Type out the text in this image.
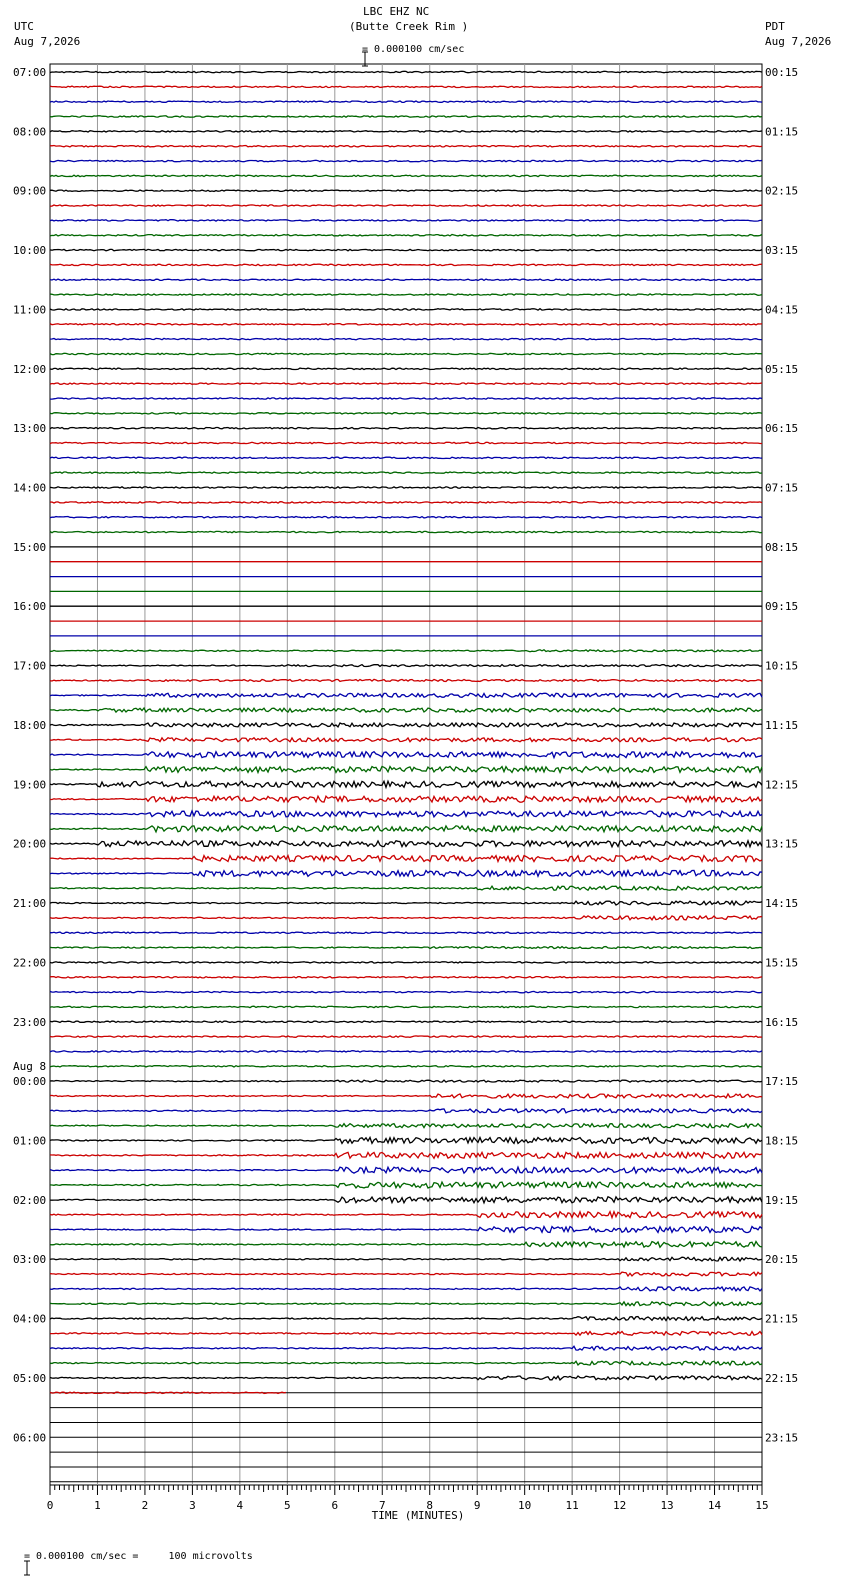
UTC
Aug 7,2026
LBC EHZ NC
(Butte Creek Rim )

= 0.000100 cm/sec
PDT
Aug 7,2026
07:00
08:00
09:00
10:00
11:00
12:00
13:00
14:00
15:00
16:00
17:00
18:00
19:00
20:00
21:00
22:00
23:00
00:00
01:00
02:00
03:00
04:00
05:00
06:00
Aug 8
00:15
01:15
02:15
03:15
04:15
05:15
06:15
07:15
08:15
09:15
10:15
11:15
12:15
13:15
14:15
15:15
16:15
17:15
18:15
19:15
20:15
21:15
22:15
23:15
0	1	2	3	4	5	6	7	8	9	10	11	12	13	14	15
TIME (MINUTES)

= 0.000100 cm/sec =     100 microvolts
